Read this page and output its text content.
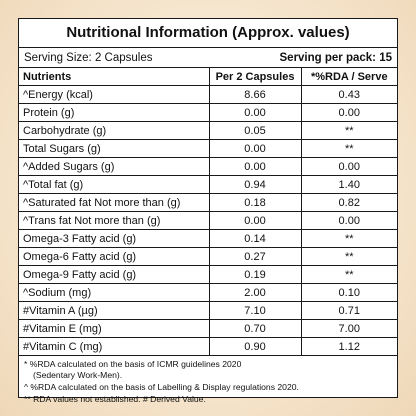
Nutritional Information (Approx. values)
Serving Size: 2 Capsules	Serving per pack: 15
Nutrients	Per 2 Capsules	*%RDA / Serve
^Energy (kcal)	8.66	0.43
Protein (g)	0.00	0.00
Carbohydrate (g)	0.05	**
Total Sugars (g)	0.00	**
^Added Sugars (g)	0.00	0.00
^Total fat (g)	0.94	1.40
^Saturated fat Not more than (g)	0.18	0.82
^Trans fat Not more than (g)	0.00	0.00
Omega-3 Fatty acid (g)	0.14	**
Omega-6 Fatty acid (g)	0.27	**
Omega-9 Fatty acid (g)	0.19	**
^Sodium (mg)	2.00	0.10
#Vitamin A (µg)	7.10	0.71
#Vitamin E (mg)	0.70	7.00
#Vitamin C (mg)	0.90	1.12
* %RDA calculated on the basis of ICMR guidelines 2020
(Sedentary Work-Men).
^ %RDA calculated on the basis of Labelling & Display regulations 2020.
** RDA values not established. # Derived Value.
